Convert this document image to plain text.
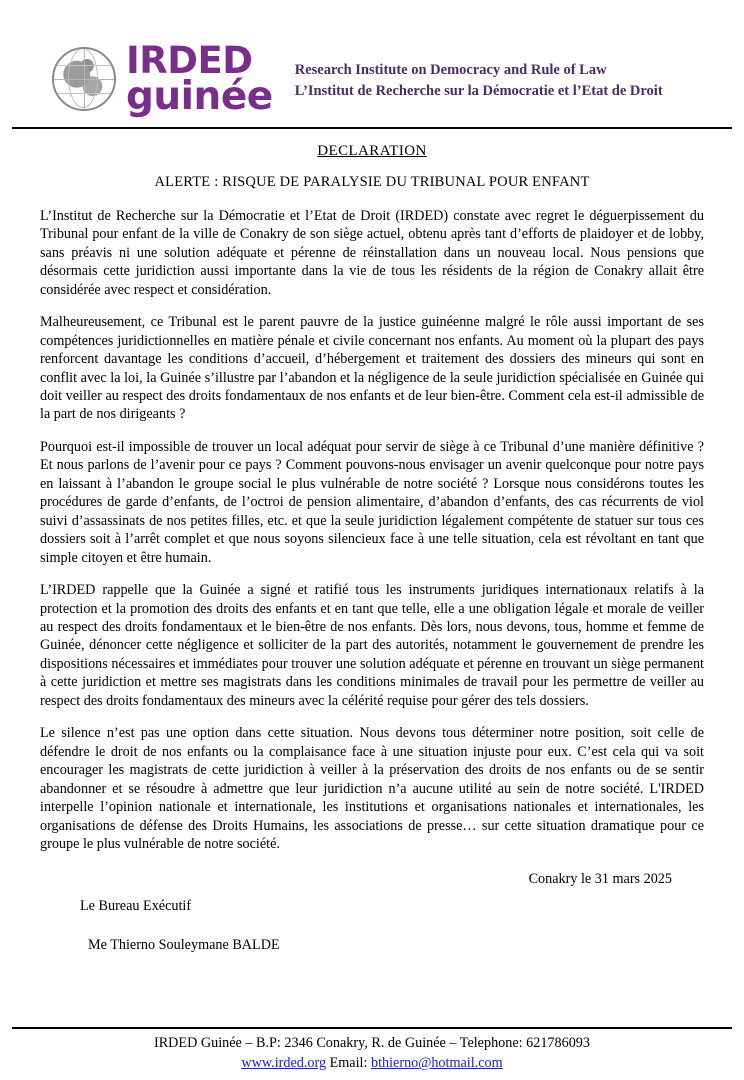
IRDED
guinée
Research Institute on Democracy and Rule of Law
L’Institut de Recherche sur la Démocratie et l’Etat de Droit
DECLARATION
ALERTE : RISQUE DE PARALYSIE DU TRIBUNAL POUR ENFANT

L’Institut de Recherche sur la Démocratie et l’Etat de Droit (IRDED) constate avec regret le déguerpissement du Tribunal pour enfant de la ville de Conakry de son siège actuel, obtenu après tant d’efforts de plaidoyer et de lobby, sans préavis ni une solution adéquate et pérenne de réinstallation dans un nouveau local. Nous pensions que désormais cette juridiction aussi importante dans la vie de tous les résidents de la région de Conakry allait être considérée avec respect et considération.

Malheureusement, ce Tribunal est le parent pauvre de la justice guinéenne malgré le rôle aussi important de ses compétences juridictionnelles en matière pénale et civile concernant nos enfants. Au moment où la plupart des pays renforcent davantage les conditions d’accueil, d’hébergement et traitement des dossiers des mineurs qui sont en conflit avec la loi, la Guinée s’illustre par l’abandon et la négligence de la seule juridiction spécialisée en Guinée qui doit veiller au respect des droits fondamentaux de nos enfants et de leur bien-être. Comment cela est-il admissible de la part de nos dirigeants ?

Pourquoi est-il impossible de trouver un local adéquat pour servir de siège à ce Tribunal d’une manière définitive ? Et nous parlons de l’avenir pour ce pays ? Comment pouvons-nous envisager un avenir quelconque pour notre pays en laissant à l’abandon le groupe social le plus vulnérable de notre société ? Lorsque nous considérons toutes les procédures de garde d’enfants, de l’octroi de pension alimentaire, d’abandon d’enfants, des cas récurrents de viol suivi d’assassinats de nos petites filles, etc. et que la seule juridiction légalement compétente de statuer sur tous ces dossiers soit à l’arrêt complet et que nous soyons silencieux face à une telle situation, cela est révoltant en tant que simple citoyen et être humain.

L’IRDED rappelle que la Guinée a signé et ratifié tous les instruments juridiques internationaux relatifs à la protection et la promotion des droits des enfants et en tant que telle, elle a une obligation légale et morale de veiller au respect des droits fondamentaux et le bien-être de nos enfants. Dès lors, nous devons, tous, homme et femme de Guinée, dénoncer cette négligence et solliciter de la part des autorités, notamment le gouvernement de prendre les dispositions nécessaires et immédiates pour trouver une solution adéquate et pérenne en trouvant un siège permanent à cette juridiction et mettre ses magistrats dans les conditions minimales de travail pour les permettre de veiller au respect des droits fondamentaux des mineurs avec la célérité requise pour gérer des tels dossiers.

Le silence n’est pas une option dans cette situation. Nous devons tous déterminer notre position, soit celle de défendre le droit de nos enfants ou la complaisance face à une situation injuste pour eux. C’est cela qui va soit encourager les magistrats de cette juridiction à veiller à la préservation des droits de nos enfants ou de se sentir abandonner et se résoudre à admettre que leur juridiction n’a aucune utilité au sein de notre société. L'IRDED interpelle l’opinion nationale et internationale, les institutions et organisations nationales et internationales, les organisations de défense des Droits Humains, les associations de presse… sur cette situation dramatique pour ce groupe le plus vulnérable de notre société.

Conakry le 31 mars 2025
Le Bureau Exécutif
Me Thierno Souleymane BALDE
IRDED Guinée – B.P: 2346 Conakry, R. de Guinée – Telephone: 621786093
www.irded.org Email: bthierno@hotmail.com
